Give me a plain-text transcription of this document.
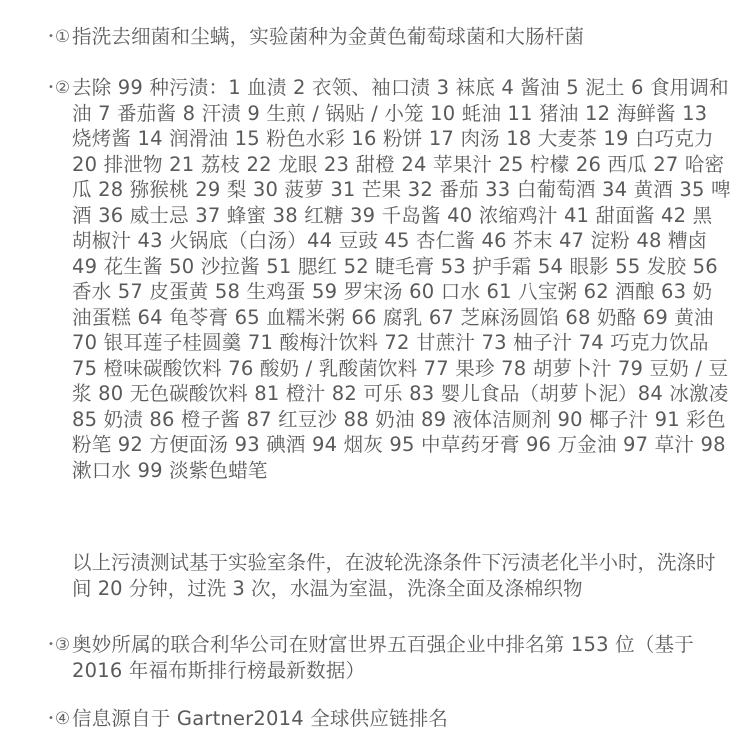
•① 指洗去细菌和尘螨，实验菌种为金黄色葡萄球菌和大肠杆菌
•② 去除 99 种污渍：1 血渍 2 衣领、袖口渍 3 袜底 4 酱油 5 泥土 6 食用调和油 7 番茄酱 8 汗渍 9 生煎 / 锅贴 / 小笼 10 蚝油 11 猪油 12 海鲜酱 13 烧烤酱 14 润滑油 15 粉色水彩 16 粉饼 17 肉汤 18 大麦茶 19 白巧克力 20 排泄物 21 荔枝 22 龙眼 23 甜橙 24 苹果汁 25 柠檬 26 西瓜 27 哈密瓜 28 猕猴桃 29 梨 30 菠萝 31 芒果 32 番茄 33 白葡萄酒 34 黄酒 35 啤酒 36 威士忌 37 蜂蜜 38 红糖 39 千岛酱 40 浓缩鸡汁 41 甜面酱 42 黑胡椒汁 43 火锅底（白汤）44 豆豉 45 杏仁酱 46 芥末 47 淀粉 48 糟卤 49 花生酱 50 沙拉酱 51 腮红 52 睫毛膏 53 护手霜 54 眼影 55 发胶 56 香水 57 皮蛋黄 58 生鸡蛋 59 罗宋汤 60 口水 61 八宝粥 62 酒酿 63 奶油蛋糕 64 龟苓膏 65 血糯米粥 66 腐乳 67 芝麻汤圆馅 68 奶酪 69 黄油 70 银耳莲子桂圆羹 71 酸梅汁饮料 72 甘蔗汁 73 柚子汁 74 巧克力饮品 75 橙味碳酸饮料 76 酸奶 / 乳酸菌饮料 77 果珍 78 胡萝卜汁 79 豆奶 / 豆浆 80 无色碳酸饮料 81 橙汁 82 可乐 83 婴儿食品（胡萝卜泥）84 冰激凌 85 奶渍 86 橙子酱 87 红豆沙 88 奶油 89 液体洁厕剂 90 椰子汁 91 彩色粉笔 92 方便面汤 93 碘酒 94 烟灰 95 中草药牙膏 96 万金油 97 草汁 98 漱口水 99 淡紫色蜡笔
以上污渍测试基于实验室条件，在波轮洗涤条件下污渍老化半小时，洗涤时间 20 分钟，过洗 3 次，水温为室温，洗涤全面及涤棉织物
•③ 奥妙所属的联合利华公司在财富世界五百强企业中排名第 153 位（基于 2016 年福布斯排行榜最新数据）
•④ 信息源自于 Gartner2014 全球供应链排名
